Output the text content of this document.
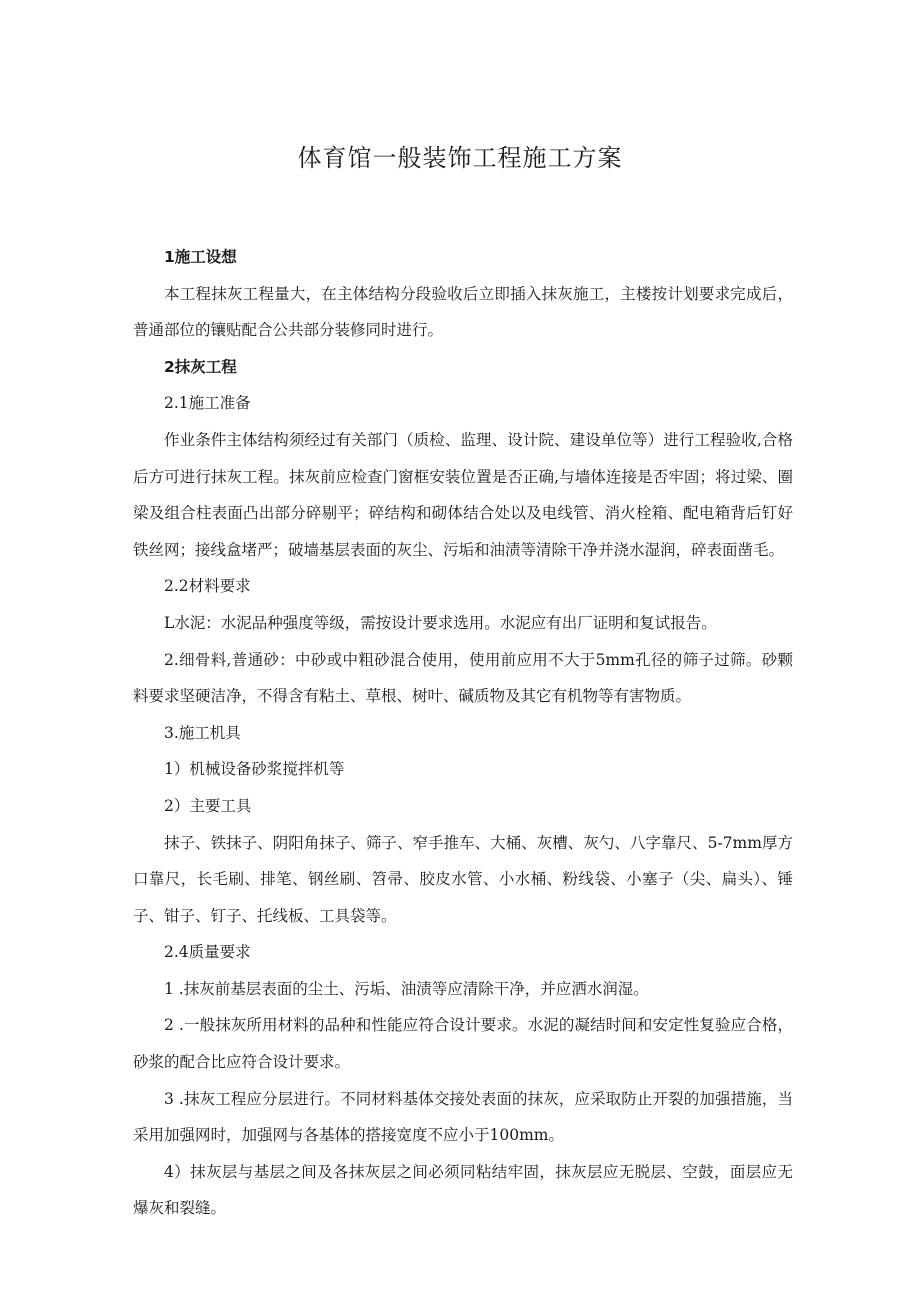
体育馆一般装饰工程施工方案

1施工设想

本工程抹灰工程量大，在主体结构分段验收后立即插入抹灰施工，主楼按计划要求完成后，普通部位的镶贴配合公共部分装修同时进行。

2抹灰工程

2.1施工准备

作业条件主体结构须经过有关部门（质检、监理、设计院、建设单位等）进行工程验收,合格后方可进行抹灰工程。抹灰前应检查门窗框安装位置是否正确,与墙体连接是否牢固；将过梁、圈梁及组合柱表面凸出部分碎剔平；碎结构和砌体结合处以及电线管、消火栓箱、配电箱背后钉好铁丝网；接线盒堵严；破墙基层表面的灰尘、污垢和油渍等清除干净并浇水湿润，碎表面凿毛。

2.2材料要求

L水泥：水泥品种强度等级，需按设计要求选用。水泥应有出厂证明和复试报告。

2.细骨料,普通砂：中砂或中粗砂混合使用，使用前应用不大于5mm孔径的筛子过筛。砂颗料要求坚硬洁净，不得含有粘土、草根、树叶、碱质物及其它有机物等有害物质。

3.施工机具

1）机械设备砂浆搅拌机等

2）主要工具

抹子、铁抹子、阴阳角抹子、筛子、窄手推车、大桶、灰槽、灰勺、八字靠尺、5-7mm厚方口靠尺，长毛刷、排笔、钢丝刷、笤帚、胶皮水管、小水桶、粉线袋、小塞子（尖、扁头）、锤子、钳子、钉子、托线板、工具袋等。

2.4质量要求

1 .抹灰前基层表面的尘土、污垢、油渍等应清除干净，并应洒水润湿。

2 .一般抹灰所用材料的品种和性能应符合设计要求。水泥的凝结时间和安定性复验应合格，砂浆的配合比应符合设计要求。

3 .抹灰工程应分层进行。不同材料基体交接处表面的抹灰，应采取防止开裂的加强措施，当采用加强网时，加强网与各基体的搭接宽度不应小于100mm。

4）抹灰层与基层之间及各抹灰层之间必须同粘结牢固，抹灰层应无脱层、空鼓，面层应无爆灰和裂缝。
